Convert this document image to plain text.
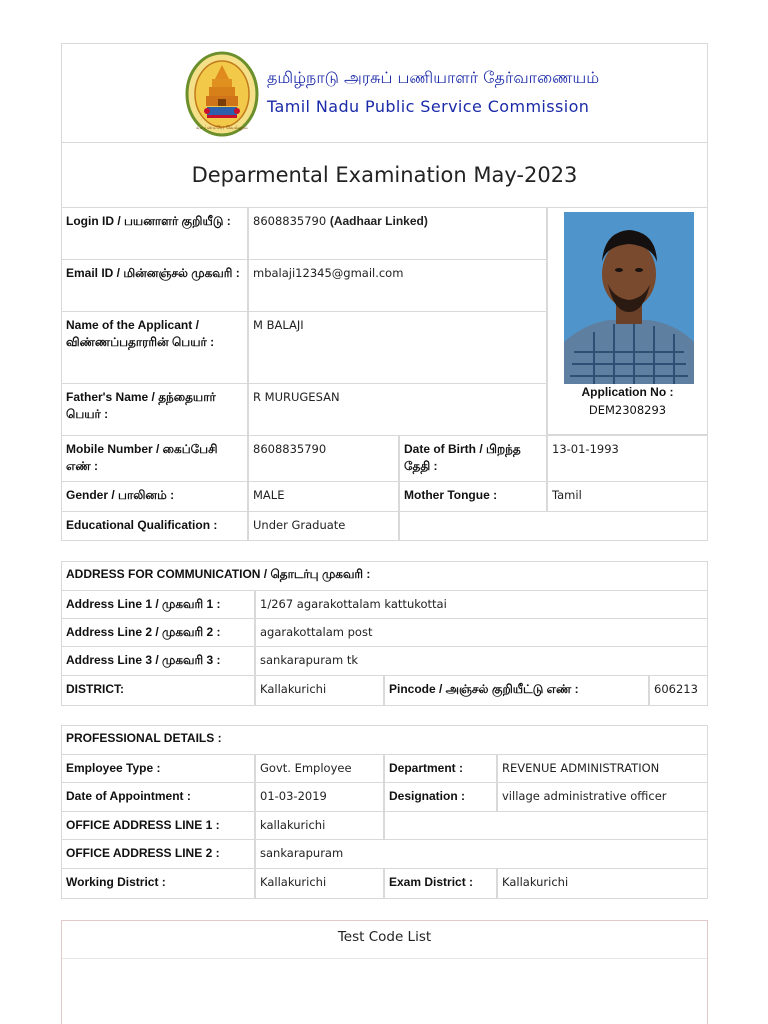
வாய்மையே வெல்லும்
தமிழ்நாடு அரசுப் பணியாளர் தேர்வாணையம்
Tamil Nadu Public Service Commission
Deparmental Examination May-2023
Login ID / பயனாளர் குறியீடு :	8608835790 (Aadhaar Linked)
Email ID / மின்னஞ்சல் முகவரி :	mbalaji12345@gmail.com
Name of the Applicant / விண்ணப்பதாரரின் பெயர் :
M BALAJI
Father's Name / தந்தையார் பெயர் :
R MURUGESAN	Application No :
DEM2308293
Mobile Number / கைப்பேசி எண் :
8608835790	Date of Birth / பிறந்த தேதி :
13-01-1993
Gender / பாலினம் :	MALE	Mother Tongue :	Tamil
Educational Qualification :	Under Graduate
ADDRESS FOR COMMUNICATION / தொடர்பு முகவரி :
Address Line 1 / முகவரி 1 :	1/267 agarakottalam kattukottai
Address Line 2 / முகவரி 2 :	agarakottalam post
Address Line 3 / முகவரி 3 :	sankarapuram tk
DISTRICT:	Kallakurichi	Pincode / அஞ்சல் குறியீட்டு எண் :	606213
PROFESSIONAL DETAILS :
Employee Type :	Govt. Employee	Department :	REVENUE ADMINISTRATION
Date of Appointment :	01-03-2019	Designation :	village administrative officer
OFFICE ADDRESS LINE 1 :	kallakurichi
OFFICE ADDRESS LINE 2 :	sankarapuram
Working District :	Kallakurichi	Exam District :	Kallakurichi
Test Code List
